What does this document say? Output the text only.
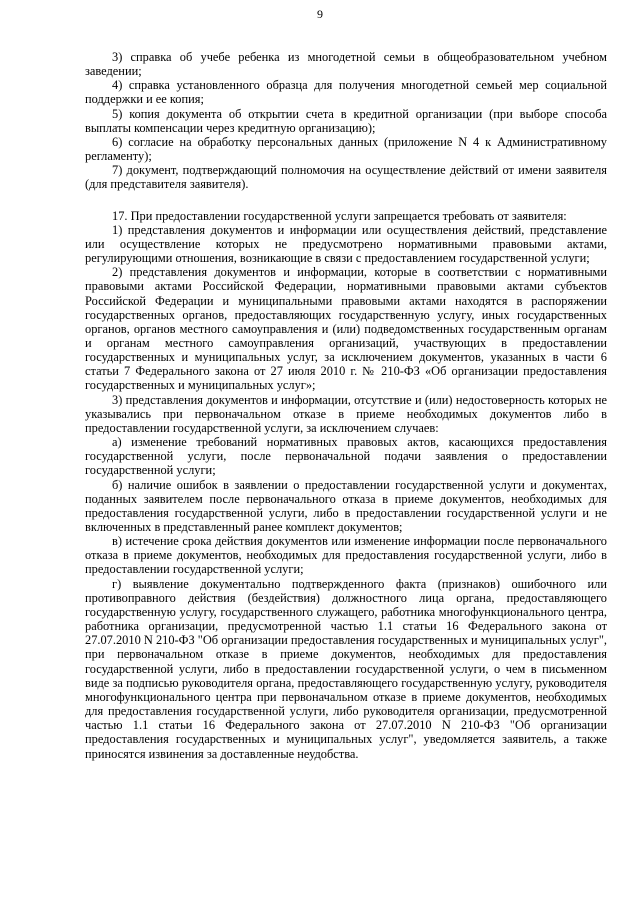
9

3) справка об учебе ребенка из многодетной семьи в общеобразовательном учебном заведении;

4) справка установленного образца для получения многодетной семьей мер социальной поддержки и ее копия;

5) копия документа об открытии счета в кредитной организации (при выборе способа выплаты компенсации через кредитную организацию);

6) согласие на обработку персональных данных (приложение N 4 к Административному регламенту);

7) документ, подтверждающий полномочия на осуществление действий от имени заявителя (для представителя заявителя).

17. При предоставлении государственной услуги запрещается требовать от заявителя:

1) представления документов и информации или осуществления действий, представление или осуществление которых не предусмотрено нормативными правовыми актами, регулирующими отношения, возникающие в связи с предоставлением государственной услуги;

2) представления документов и информации, которые в соответствии с нормативными правовыми актами Российской Федерации, нормативными правовыми актами субъектов Российской Федерации и муниципальными правовыми актами находятся в распоряжении государственных органов, предоставляющих государственную услугу, иных государственных органов, органов местного самоуправления и (или) подведомственных государственным органам и органам местного самоуправления организаций, участвующих в предоставлении государственных и муниципальных услуг, за исключением документов, указанных в части 6 статьи 7 Федерального закона от 27 июля 2010 г. № 210-ФЗ «Об организации предоставления государственных и муниципальных услуг»;

3) представления документов и информации, отсутствие и (или) недостоверность которых не указывались при первоначальном отказе в приеме необходимых документов либо в предоставлении государственной услуги, за исключением случаев:

а) изменение требований нормативных правовых актов, касающихся предоставления государственной услуги, после первоначальной подачи заявления о предоставлении государственной услуги;

б) наличие ошибок в заявлении о предоставлении государственной услуги и документах, поданных заявителем после первоначального отказа в приеме документов, необходимых для предоставления государственной услуги, либо в предоставлении государственной услуги и не включенных в представленный ранее комплект документов;

в) истечение срока действия документов или изменение информации после первоначального отказа в приеме документов, необходимых для предоставления государственной услуги, либо в предоставлении государственной услуги;

г) выявление документально подтвержденного факта (признаков) ошибочного или противоправного действия (бездействия) должностного лица органа, предоставляющего государственную услугу, государственного служащего, работника многофункционального центра, работника организации, предусмотренной частью 1.1 статьи 16 Федерального закона от 27.07.2010 N 210-ФЗ "Об организации предоставления государственных и муниципальных услуг", при первоначальном отказе в приеме документов, необходимых для предоставления государственной услуги, либо в предоставлении государственной услуги, о чем в письменном виде за подписью руководителя органа, предоставляющего государственную услугу, руководителя многофункционального центра при первоначальном отказе в приеме документов, необходимых для предоставления государственной услуги, либо руководителя организации, предусмотренной частью 1.1 статьи 16 Федерального закона от 27.07.2010 N 210-ФЗ "Об организации предоставления государственных и муниципальных услуг", уведомляется заявитель, а также приносятся извинения за доставленные неудобства.
